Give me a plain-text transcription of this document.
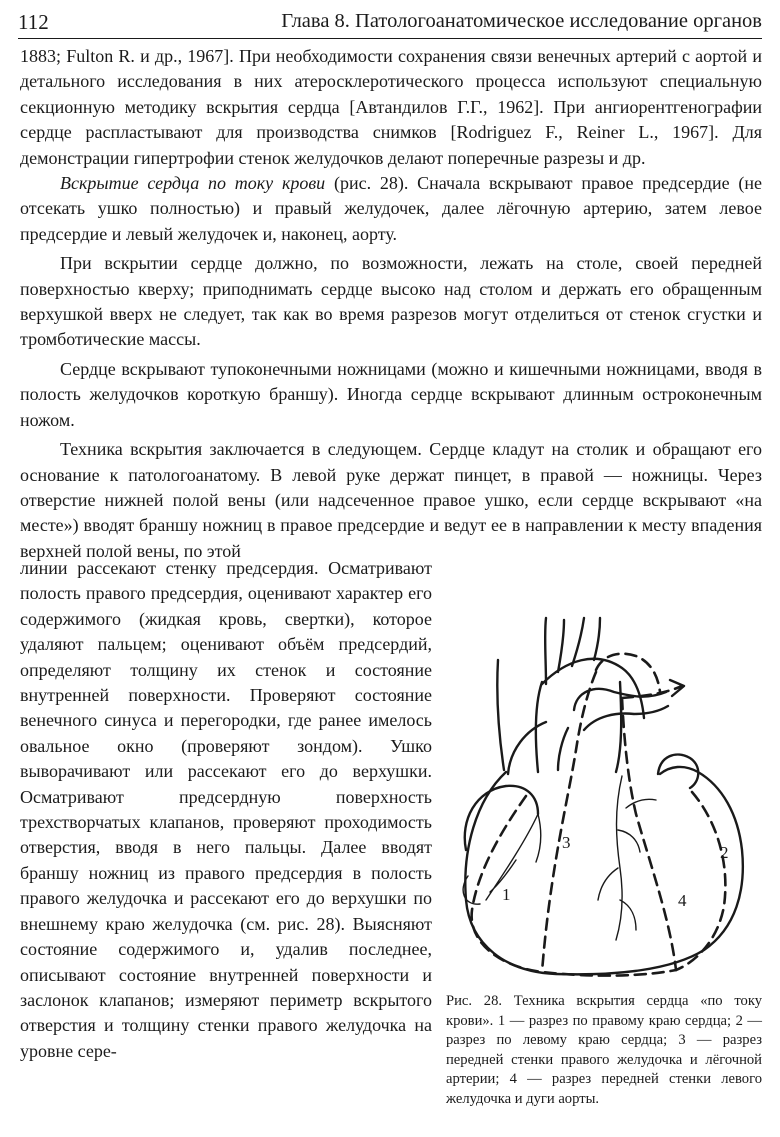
112	Глава 8. Патологоанатомическое исследование органов

1883; Fulton R. и др., 1967]. При необходимости сохранения связи венечных артерий с аортой и детального исследования в них атеросклеротического процесса используют специальную секционную методику вскрытия сердца [Автандилов Г.Г., 1962]. При ангиорентгенографии сердце распластывают для производства снимков [Rodriguez F., Reiner L., 1967]. Для демонстрации гипертрофии стенок желудочков делают поперечные разрезы и др.

Вскрытие сердца по току крови (рис. 28). Сначала вскрывают правое предсердие (не отсекать ушко полностью) и правый желудочек, далее лёгочную артерию, затем левое предсердие и левый желудочек и, наконец, аорту.

При вскрытии сердце должно, по возможности, лежать на столе, своей передней поверхностью кверху; приподнимать сердце высоко над столом и держать его обращенным верхушкой вверх не следует, так как во время разрезов могут отделиться от стенок сгустки и тромботические массы.

Сердце вскрывают тупоконечными ножницами (можно и кишечными ножницами, вводя в полость желудочков короткую браншу). Иногда сердце вскрывают длинным остроконечным ножом.

Техника вскрытия заключается в следующем. Сердце кладут на столик и обращают его основание к патологоанатому. В левой руке держат пинцет, в правой — ножницы. Через отверстие нижней полой вены (или надсеченное правое ушко, если сердце вскрывают «на месте») вводят браншу ножниц в правое предсердие и ведут ее в направлении к месту впадения верхней полой вены, по этой

1
2
3
4
Рис. 28. Техника вскрытия сердца «по току крови». 1 — разрез по правому краю сердца; 2 — разрез по левому краю сердца; 3 — разрез передней стенки правого желудочка и лёгочной артерии; 4 — разрез передней стенки левого желудочка и дуги аорты.

линии рассекают стенку предсердия. Осматривают полость правого предсердия, оценивают характер его содержимого (жидкая кровь, свертки), которое удаляют пальцем; оценивают объём предсердий, определяют толщину их стенок и состояние внутренней поверхности. Проверяют состояние венечного синуса и перегородки, где ранее имелось овальное окно (проверяют зондом). Ушко выворачивают или рассекают его до верхушки. Осматривают предсердную поверхность трехстворчатых клапанов, проверяют проходимость отверстия, вводя в него пальцы. Далее вводят браншу ножниц из правого предсердия в полость правого желудочка и рассекают его до верхушки по внешнему краю желудочка (см. рис. 28). Выясняют состояние содержимого и, удалив последнее, описывают состояние внутренней поверхности и заслонок клапанов; измеряют периметр вскрытого отверстия и толщину стенки правого желудочка на уровне сере-
